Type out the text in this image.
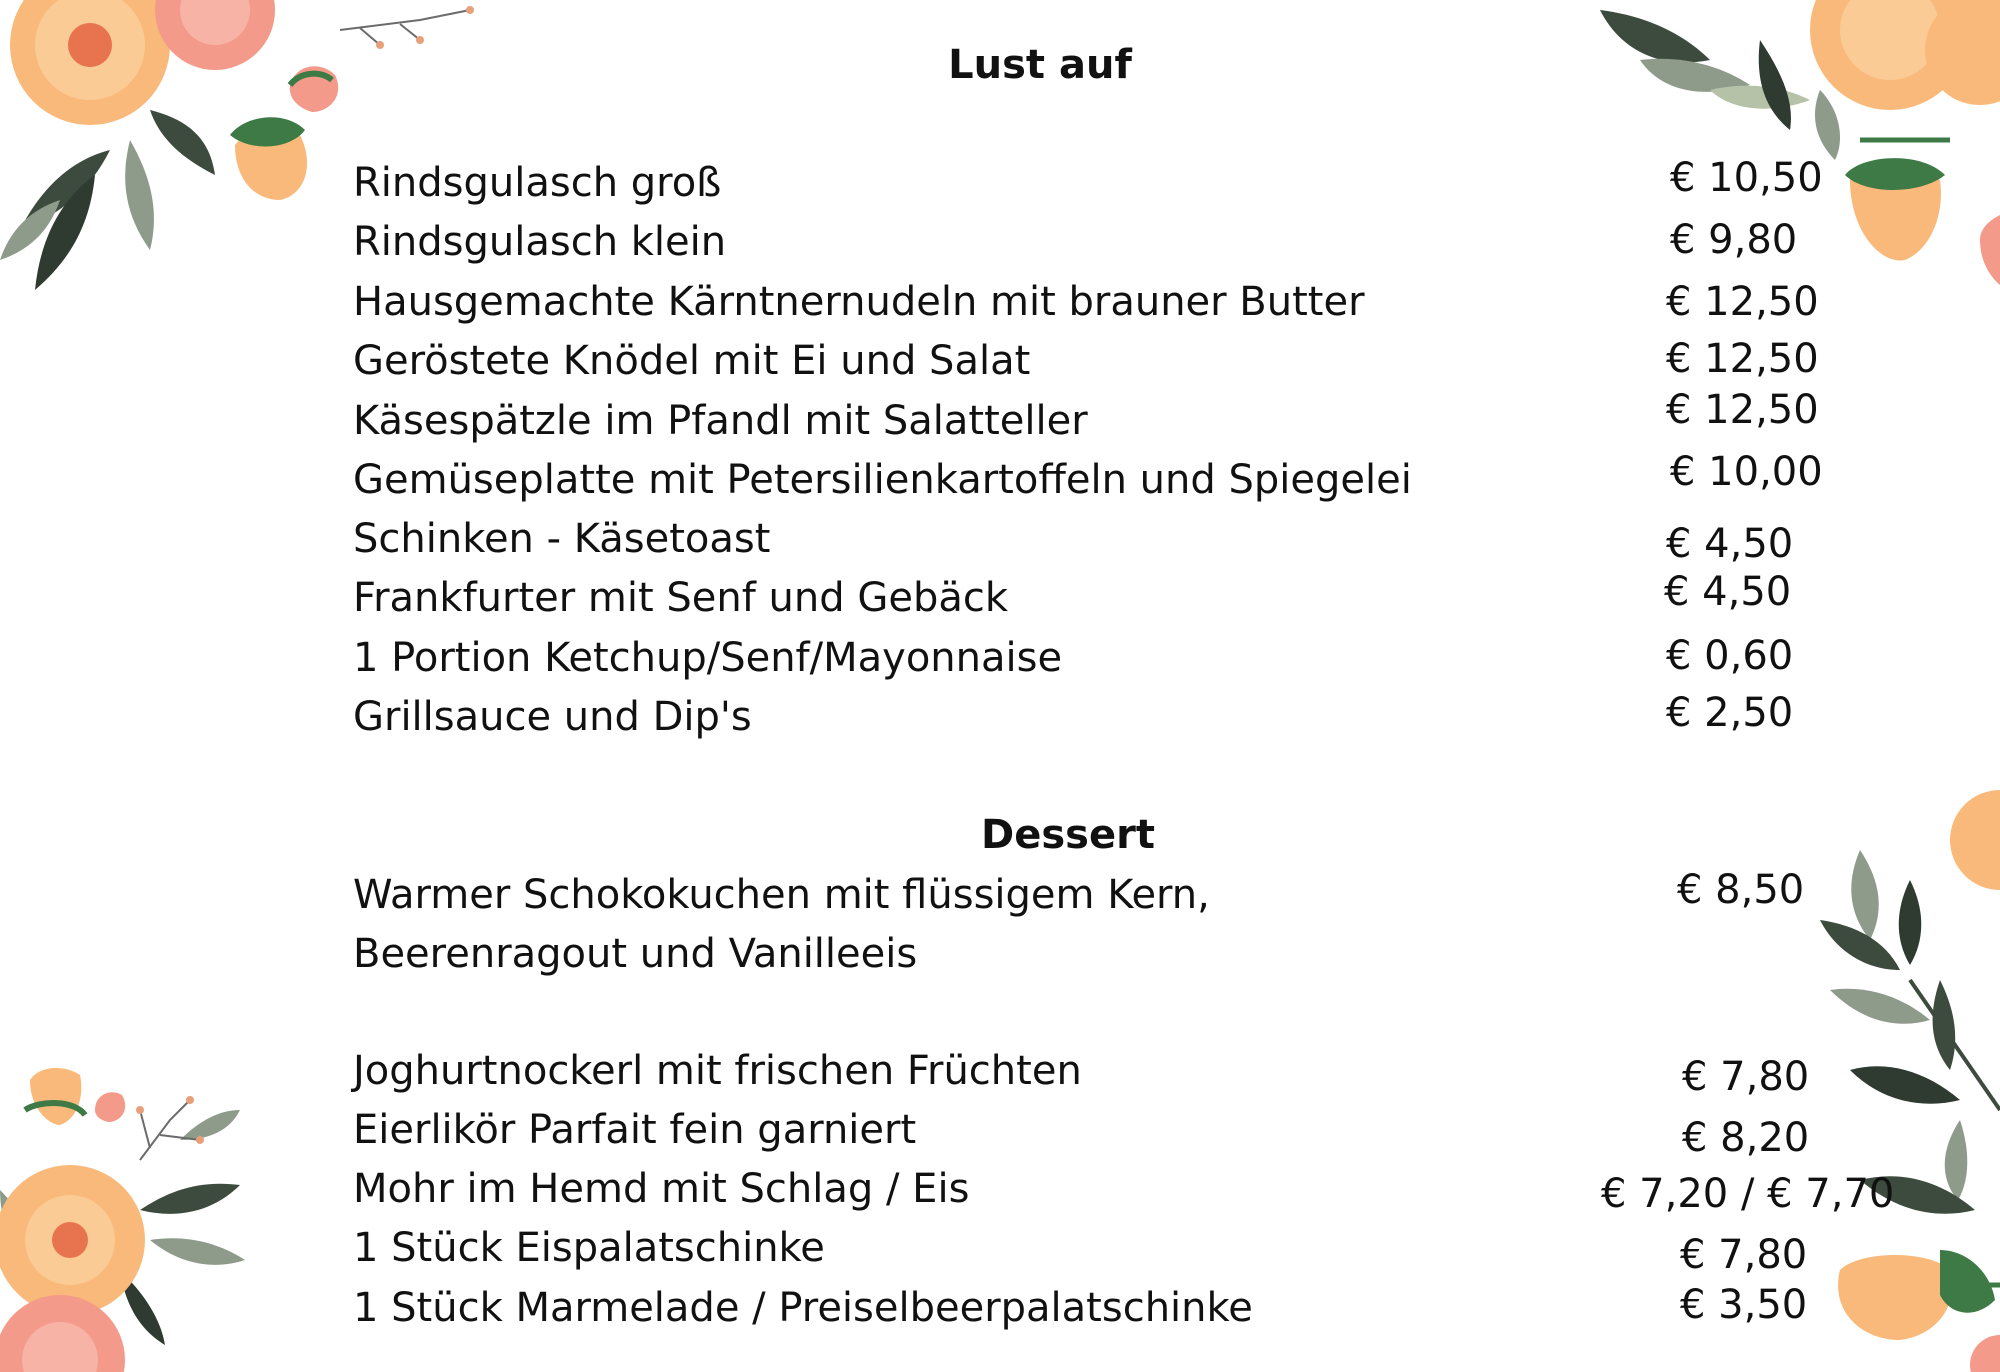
Lust auf
Rindsgulasch groß	€ 10,50
Rindsgulasch klein	€ 9,80
Hausgemachte Kärntnernudeln mit brauner Butter	€ 12,50
Geröstete Knödel mit Ei und Salat	€ 12,50
Käsespätzle im Pfandl mit Salatteller	€ 12,50
Gemüseplatte mit Petersilienkartoffeln und Spiegelei	€ 10,00
Schinken - Käsetoast	€ 4,50
Frankfurter mit Senf und Gebäck	€ 4,50
1 Portion Ketchup/Senf/Mayonnaise	€ 0,60
Grillsauce und Dip's	€ 2,50
Dessert
Warmer Schokokuchen mit flüssigem Kern,
Beerenragout und Vanilleeis
€ 8,50
Joghurtnockerl mit frischen Früchten	€ 7,80
Eierlikör Parfait fein garniert	€ 8,20
Mohr im Hemd mit Schlag / Eis	€ 7,20 / € 7,70
1 Stück Eispalatschinke	€ 7,80
1 Stück Marmelade / Preiselbeerpalatschinke	€ 3,50
